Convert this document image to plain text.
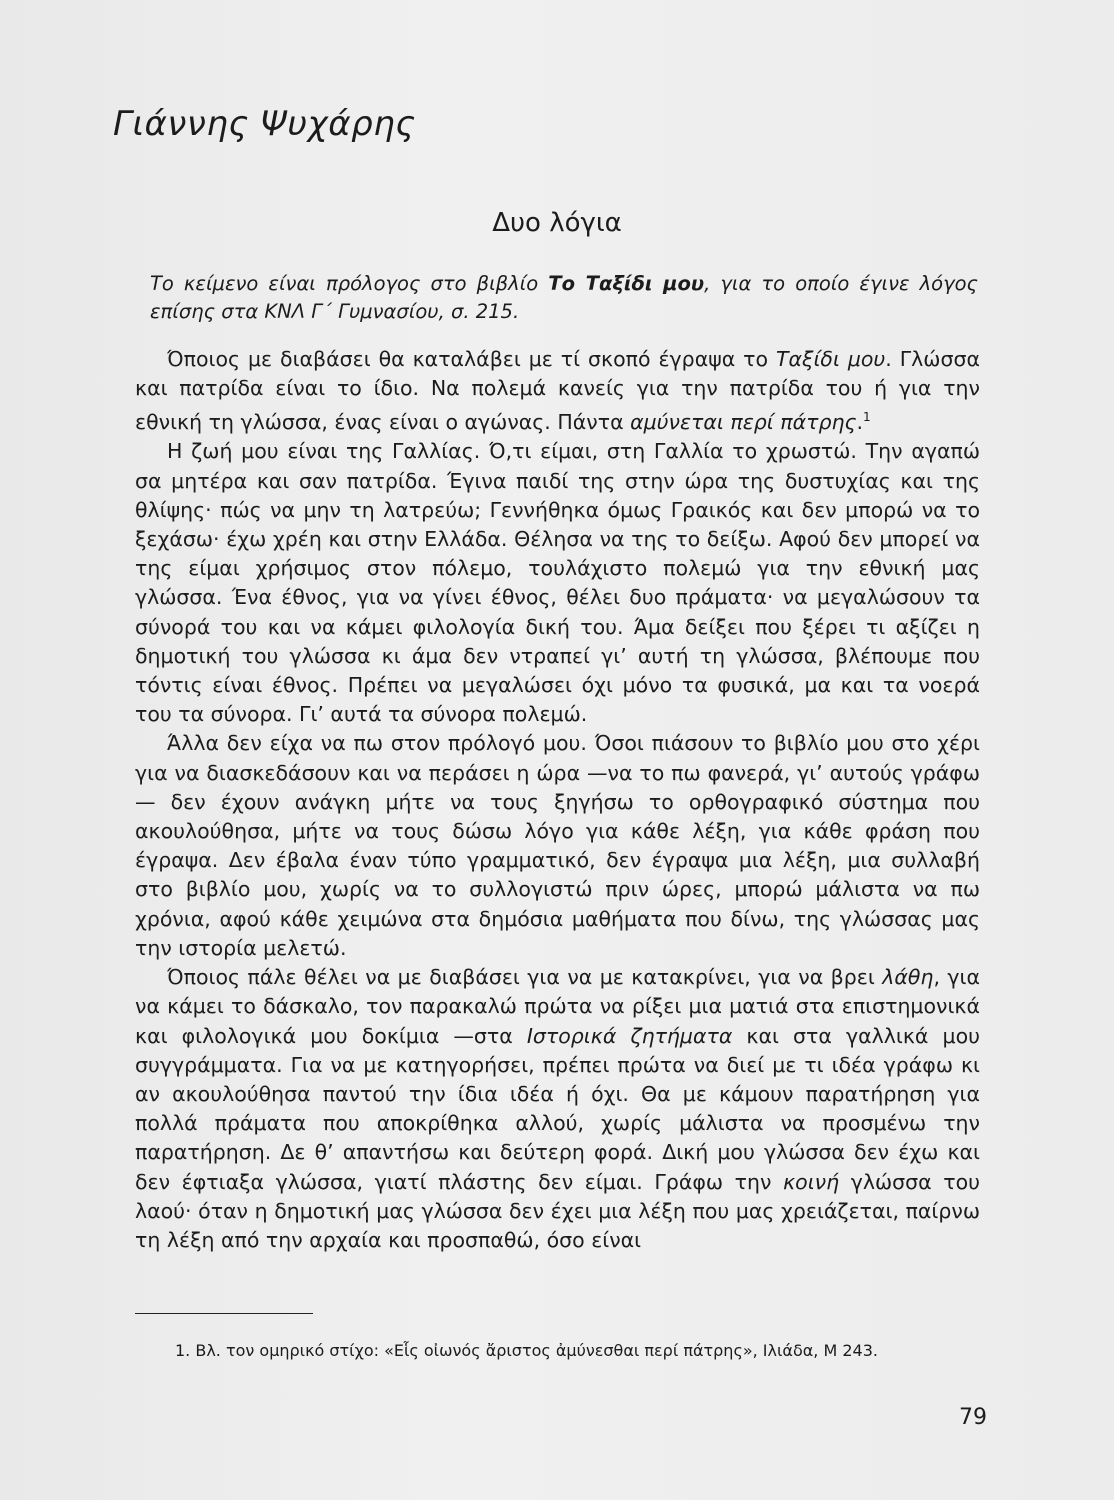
Γιάννης Ψυχάρης
Δυο λόγια
Το κείμενο είναι πρόλογος στο βιβλίο Το Ταξίδι μου, για το οποίο έγινε λόγος επίσης στα ΚΝΛ Γ΄ Γυμνασίου, σ. 215.

Όποιος με διαβάσει θα καταλάβει με τί σκοπό έγραψα το Ταξίδι μου. Γλώσσα και πατρίδα είναι το ίδιο. Να πολεμά κανείς για την πατρίδα του ή για την εθνική τη γλώσσα, ένας είναι ο αγώνας. Πάντα αμύνεται περί πάτρης.$^1$

Η ζωή μου είναι της Γαλλίας. Ό,τι είμαι, στη Γαλλία το χρωστώ. Την αγαπώ σα μητέρα και σαν πατρίδα. Έγινα παιδί της στην ώρα της δυστυχίας και της θλίψης· πώς να μην τη λατρεύω; Γεννήθηκα όμως Γραικός και δεν μπορώ να το ξεχάσω· έχω χρέη και στην Ελλάδα. Θέλησα να της το δείξω. Αφού δεν μπορεί να της είμαι χρήσιμος στον πόλεμο, τουλάχιστο πολεμώ για την εθνική μας γλώσσα. Ένα έθνος, για να γίνει έθνος, θέλει δυο πράματα· να μεγαλώσουν τα σύνορά του και να κάμει φιλολογία δική του. Άμα δείξει που ξέρει τι αξίζει η δημοτική του γλώσσα κι άμα δεν ντραπεί γι’ αυτή τη γλώσσα, βλέπουμε που τόντις είναι έθνος. Πρέπει να μεγαλώσει όχι μόνο τα φυσικά, μα και τα νοερά του τα σύνορα. Γι’ αυτά τα σύνορα πολεμώ.

Άλλα δεν είχα να πω στον πρόλογό μου. Όσοι πιάσουν το βιβλίο μου στο χέρι για να διασκεδάσουν και να περάσει η ώρα —να το πω φανερά, γι’ αυτούς γράφω— δεν έχουν ανάγκη μήτε να τους ξηγήσω το ορθογραφικό σύστημα που ακουλούθησα, μήτε να τους δώσω λόγο για κάθε λέξη, για κάθε φράση που έγραψα. Δεν έβαλα έναν τύπο γραμματικό, δεν έγραψα μια λέξη, μια συλλαβή στο βιβλίο μου, χωρίς να το συλλογιστώ πριν ώρες, μπορώ μάλιστα να πω χρόνια, αφού κάθε χειμώνα στα δημόσια μαθήματα που δίνω, της γλώσσας μας την ιστορία μελετώ.

Όποιος πάλε θέλει να με διαβάσει για να με κατακρίνει, για να βρει λάθη, για να κάμει το δάσκαλο, τον παρακαλώ πρώτα να ρίξει μια ματιά στα επιστημονικά και φιλολογικά μου δοκίμια —στα Ιστορικά ζητήματα και στα γαλλικά μου συγγράμματα. Για να με κατηγορήσει, πρέπει πρώτα να διεί με τι ιδέα γράφω κι αν ακουλούθησα παντού την ίδια ιδέα ή όχι. Θα με κάμουν παρατήρηση για πολλά πράματα που αποκρίθηκα αλλού, χωρίς μάλιστα να προσμένω την παρατήρηση. Δε θ’ απαντήσω και δεύτερη φορά. Δική μου γλώσσα δεν έχω και δεν έφτιαξα γλώσσα, γιατί πλάστης δεν είμαι. Γράφω την κοινή γλώσσα του λαού· όταν η δημοτική μας γλώσσα δεν έχει μια λέξη που μας χρειάζεται, παίρνω τη λέξη από την αρχαία και προσπαθώ, όσο είναι

1. Βλ. τον ομηρικό στίχο: «Εἷς οἰωνός ἄριστος ἀμύνεσθαι περί πάτρης», Ιλιάδα, Μ 243.
79
